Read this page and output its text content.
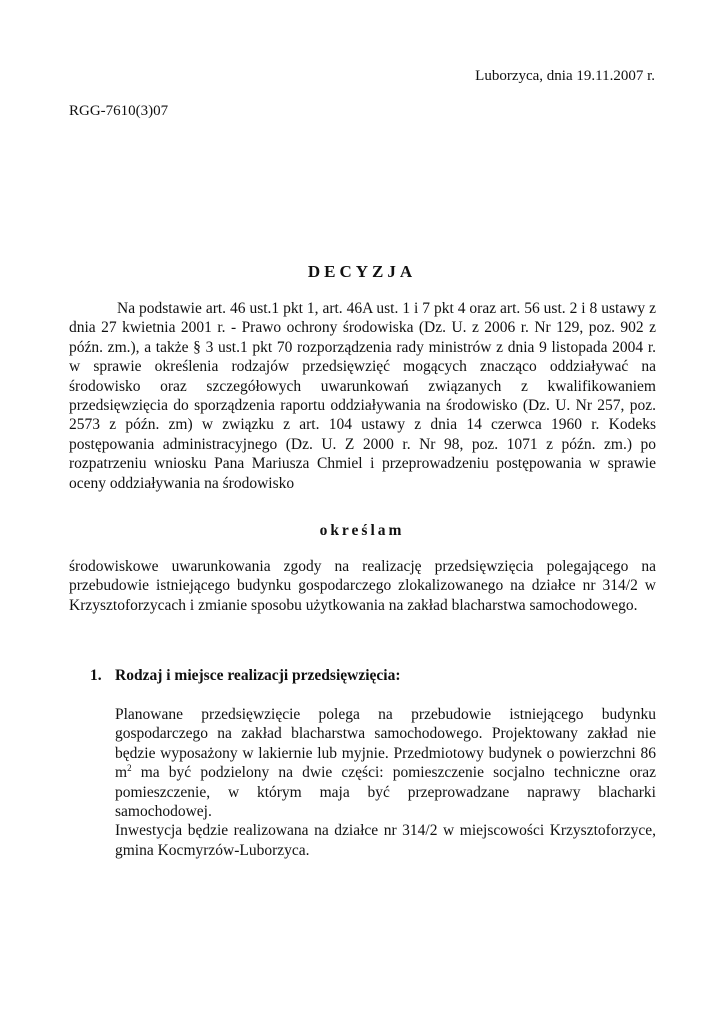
Luborzyca, dnia 19.11.2007 r.
RGG-7610(3)07
DECYZJA
Na podstawie art. 46 ust.1 pkt 1, art. 46A ust. 1 i 7 pkt 4 oraz art. 56 ust. 2 i 8 ustawy z dnia 27 kwietnia 2001 r. - Prawo ochrony środowiska (Dz. U. z 2006 r. Nr 129, poz. 902 z późn. zm.), a także § 3 ust.1 pkt 70 rozporządzenia rady ministrów z dnia 9 listopada 2004 r. w sprawie określenia rodzajów przedsięwzięć mogących znacząco oddziaływać na środowisko oraz szczegółowych uwarunkowań związanych z kwalifikowaniem przedsięwzięcia do sporządzenia raportu oddziaływania na środowisko (Dz. U. Nr 257, poz. 2573 z późn. zm) w związku z art. 104 ustawy z dnia 14 czerwca 1960 r. Kodeks postępowania administracyjnego (Dz. U. Z 2000 r. Nr 98, poz. 1071 z późn. zm.) po rozpatrzeniu wniosku Pana Mariusza Chmiel i przeprowadzeniu postępowania w sprawie oceny oddziaływania na środowisko
określam
środowiskowe uwarunkowania zgody na realizację przedsięwzięcia polegającego na przebudowie istniejącego budynku gospodarczego zlokalizowanego na działce nr 314/2 w Krzysztoforzycach i zmianie sposobu użytkowania na zakład blacharstwa samochodowego.
1. Rodzaj i miejsce realizacji przedsięwzięcia:

Planowane przedsięwzięcie polega na przebudowie istniejącego budynku gospodarczego na zakład blacharstwa samochodowego. Projektowany zakład nie będzie wyposażony w lakiernie lub myjnie. Przedmiotowy budynek o powierzchni 86 $m^2$ ma być podzielony na dwie części: pomieszczenie socjalno techniczne oraz pomieszczenie, w którym maja być przeprowadzane naprawy blacharki samochodowej.

Inwestycja będzie realizowana na działce nr 314/2 w miejscowości Krzysztoforzyce, gmina Kocmyrzów-Luborzyca.
